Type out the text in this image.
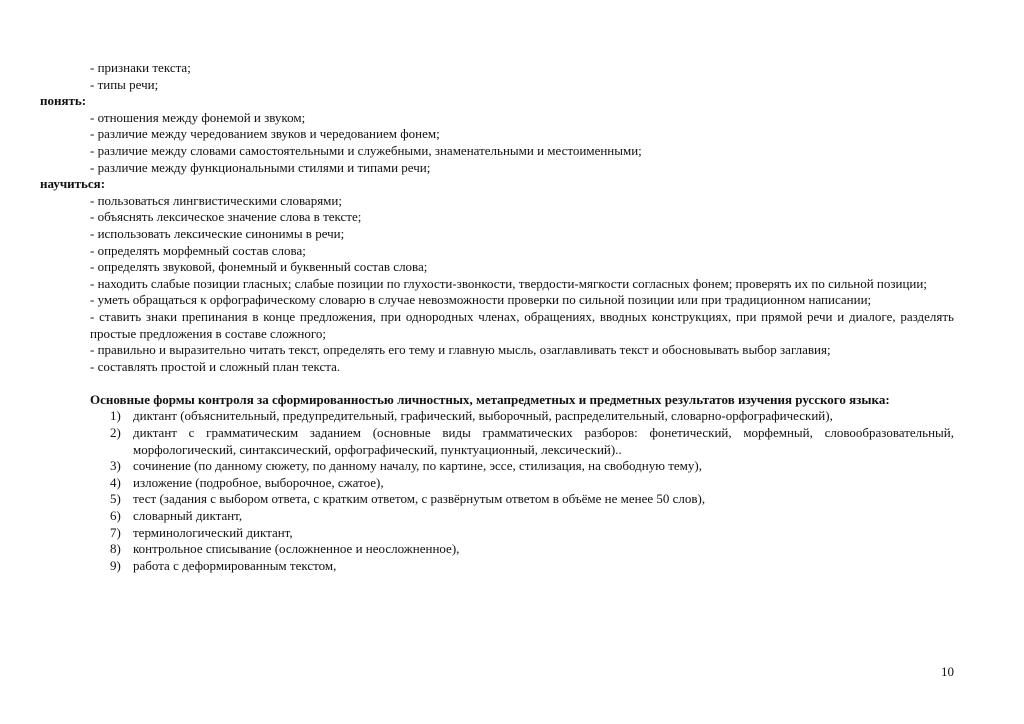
- признаки текста;
- типы речи;
понять:
- отношения между фонемой и звуком;
- различие между чередованием звуков и чередованием фонем;
- различие между словами самостоятельными и служебными, знаменательными и местоименными;
- различие между функциональными стилями и типами речи;
научиться:
- пользоваться лингвистическими словарями;
- объяснять лексическое значение слова в тексте;
- использовать лексические синонимы в речи;
- определять морфемный состав слова;
- определять звуковой, фонемный и буквенный состав слова;
- находить слабые позиции гласных; слабые позиции по глухости-звонкости, твердости-мягкости согласных фонем; проверять их по сильной позиции;
- уметь обращаться к орфографическому словарю в случае невозможности проверки по сильной позиции или при традиционном написании;
- ставить знаки препинания в конце предложения, при однородных членах, обращениях, вводных конструкциях, при прямой речи и диалоге, разделять простые предложения в составе сложного;
- правильно и выразительно читать текст, определять его тему и главную мысль, озаглавливать текст и обосновывать выбор заглавия;
- составлять простой и сложный план текста.
Основные формы контроля за сформированностью личностных, метапредметных и предметных результатов изучения русского языка:
1) диктант (объяснительный, предупредительный, графический, выборочный, распределительный, словарно-орфографический),
2) диктант с грамматическим заданием (основные виды грамматических разборов: фонетический, морфемный, словообразовательный, морфологический, синтаксический, орфографический, пунктуационный, лексический)..
3) сочинение (по данному сюжету, по данному началу, по картине, эссе, стилизация, на свободную тему),
4) изложение (подробное, выборочное, сжатое),
5) тест (задания с выбором ответа, с кратким ответом, с развёрнутым ответом в объёме не менее 50 слов),
6) словарный диктант,
7) терминологический диктант,
8) контрольное списывание (осложненное и неосложненное),
9) работа с деформированным текстом,
10
